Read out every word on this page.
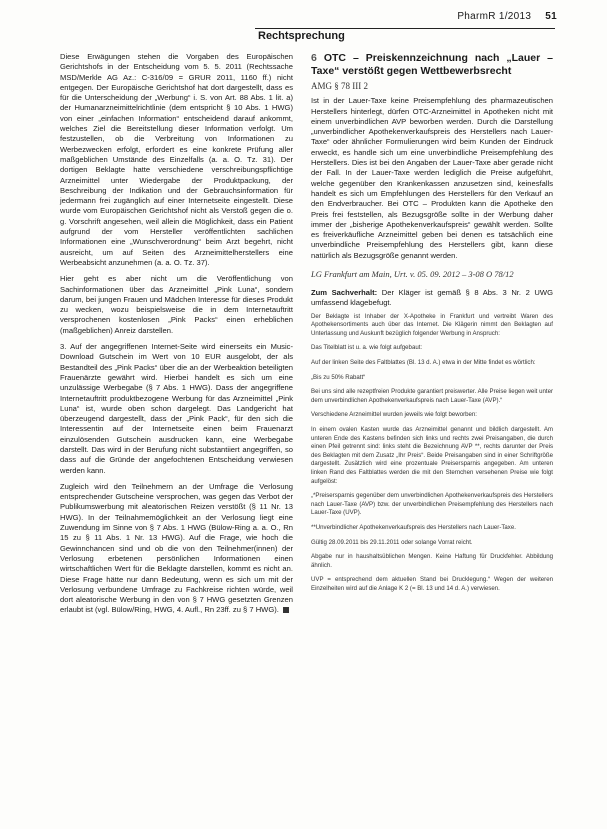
PharmR 1/2013 51
Rechtsprechung

Diese Erwägungen stehen die Vorgaben des Europäischen Gerichtshofs in der Entscheidung vom 5. 5. 2011 (Rechtssache MSD/Merkle AG Az.: C-316/09 = GRUR 2011, 1160 ff.) nicht entgegen. Der Europäische Gerichtshof hat dort dargestellt, dass es für die Unterscheidung der „Werbung“ i. S. von Art. 88 Abs. 1 lit. a) der Humanarzneimittelrichtlinie (dem entspricht § 10 Abs. 1 HWG) von einer „einfachen Information“ entscheidend darauf ankommt, welches Ziel die Bereitstellung dieser Information verfolgt. Um festzustellen, ob die Verbreitung von Informationen zu Werbezwecken erfolgt, erfordert es eine konkrete Prüfung aller maßgeblichen Umstände des Einzelfalls (a. a. O. Tz. 31). Der dortigen Beklagte hatte verschiedene verschreibungspflichtige Arzneimittel unter Wiedergabe der Produktpackung, der Beschreibung der Indikation und der Gebrauchsinformation für jedermann frei zugänglich auf einer Internetseite eingestellt. Diese wurde vom Europäischen Gerichtshof nicht als Verstoß gegen die o. g. Vorschrift angesehen, weil allein die Möglichkeit, dass ein Patient aufgrund der vom Hersteller veröffentlichten sachlichen Informationen eine „Wunschverordnung“ beim Arzt begehrt, nicht ausreicht, um auf Seiten des Arzneimittelherstellers eine Werbeabsicht anzunehmen (a. a. O. Tz. 37).

Hier geht es aber nicht um die Veröffentlichung von Sachinformationen über das Arzneimittel „Pink Luna“, sondern darum, bei jungen Frauen und Mädchen Interesse für dieses Produkt zu wecken, wozu beispielsweise die in dem Internetauftritt versprochenen kostenlosen „Pink Packs“ einen erheblichen (maßgeblichen) Anreiz darstellen.

3. Auf der angegriffenen Internet-Seite wird einerseits ein Music-Download Gutschein im Wert von 10 EUR ausgelobt, der als Bestandteil des „Pink Packs“ über die an der Werbeaktion beteiligten Frauenärzte gewährt wird. Hierbei handelt es sich um eine unzulässige Werbegabe (§ 7 Abs. 1 HWG). Dass der angegriffene Internetauftritt produktbezogene Werbung für das Arzneimittel „Pink Luna“ ist, wurde oben schon dargelegt. Das Landgericht hat überzeugend dargestellt, dass der „Pink Pack“, für den sich die Interessentin auf der Internetseite einen beim Frauenarzt einzulösenden Gutschein ausdrucken kann, eine Werbegabe darstellt. Das wird in der Berufung nicht substantiiert angegriffen, so dass auf die Gründe der angefochtenen Entscheidung verwiesen werden kann.

Zugleich wird den Teilnehmern an der Umfrage die Verlosung entsprechender Gutscheine versprochen, was gegen das Verbot der Publikumswerbung mit aleatorischen Reizen verstößt (§ 11 Nr. 13 HWG). In der Teilnahmemöglichkeit an der Verlosung liegt eine Zuwendung im Sinne von § 7 Abs. 1 HWG (Bülow-Ring a. a. O., Rn 15 zu § 11 Abs. 1 Nr. 13 HWG). Auf die Frage, wie hoch die Gewinnchancen sind und ob die von den Teilnehmer(innen) der Verlosung erbetenen persönlichen Informationen einen wirtschaftlichen Wert für die Beklagte darstellen, kommt es nicht an. Diese Frage hätte nur dann Bedeutung, wenn es sich um mit der Verlosung verbundene Umfrage zu Fachkreise richten würde, weil dort aleatorische Werbung in den von § 7 HWG gesetzten Grenzen erlaubt ist (vgl. Bülow/Ring, HWG, 4. Aufl., Rn 23ff. zu § 7 HWG).

6 OTC – Preiskennzeichnung nach „Lauer – Taxe“ verstößt gegen Wettbewerbsrecht
AMG § 78 III 2

Ist in der Lauer-Taxe keine Preisempfehlung des pharmazeutischen Herstellers hinterlegt, dürfen OTC-Arzneimittel in Apotheken nicht mit einem unverbindlichen AVP beworben werden. Durch die Darstellung „unverbindlicher Apothekenverkaufspreis des Herstellers nach Lauer-Taxe“ oder ähnlicher Formulierungen wird beim Kunden der Eindruck erweckt, es handle sich um eine unverbindliche Preisempfehlung des Herstellers. Dies ist bei den Angaben der Lauer-Taxe aber gerade nicht der Fall. In der Lauer-Taxe werden lediglich die Preise aufgeführt, welche gegenüber den Krankenkassen anzusetzen sind, keinesfalls handelt es sich um Empfehlungen des Herstellers für den Verkauf an den Endverbraucher. Bei OTC – Produkten kann die Apotheke den Preis frei feststellen, als Bezugsgröße sollte in der Werbung daher immer der „bisherige Apothekenverkaufspreis“ gewählt werden. Sollte es freiverkäufliche Arzneimittel geben bei denen es tatsächlich eine unverbindliche Preisempfehlung des Herstellers gibt, kann diese natürlich als Bezugsgröße genannt werden.

LG Frankfurt am Main, Urt. v. 05. 09. 2012 – 3-08 O 78/12
Zum Sachverhalt: Der Kläger ist gemäß § 8 Abs. 3 Nr. 2 UWG umfassend klagebefugt.

Der Beklagte ist Inhaber der X-Apotheke in Frankfurt und vertreibt Waren des Apothekensortiments auch über das Internet. Die Klägerin nimmt den Beklagten auf Unterlassung und Auskunft bezüglich folgender Werbung in Anspruch:

Das Titelblatt ist u. a. wie folgt aufgebaut:

Auf der linken Seite des Faltblattes (Bl. 13 d. A.) etwa in der Mitte findet es wörtlich:

„Bis zu 50% Rabatt“

Bei uns sind alle rezeptfreien Produkte garantiert preiswerter. Alle Preise liegen weit unter dem unverbindlichen Apothekenverkaufspreis nach Lauer-Taxe (AVP).“

Verschiedene Arzneimittel wurden jeweils wie folgt beworben:

In einem ovalen Kasten wurde das Arzneimittel genannt und bildlich dargestellt. Am unteren Ende des Kastens befinden sich links und rechts zwei Preisangaben, die durch einen Pfeil getrennt sind: links steht die Bezeichnung AVP **, rechts darunter der Preis des Beklagten mit dem Zusatz „Ihr Preis“. Beide Preisangaben sind in einer Schriftgröße dargestellt. Zusätzlich wird eine prozentuale Preisersparnis angegeben. Am unteren linken Rand des Faltblattes werden die mit den Sternchen versehenen Preise wie folgt aufgelöst:

„*Preisersparnis gegenüber dem unverbindlichen Apothekenverkaufspreis des Herstellers nach Lauer-Taxe (AVP) bzw. der unverbindlichen Preisempfehlung des Herstellers nach Lauer-Taxe (UVP).

**Unverbindlicher Apothekenverkaufspreis des Herstellers nach Lauer-Taxe.

Gültig 28.09.2011 bis 29.11.2011 oder solange Vorrat reicht.

Abgabe nur in haushaltsüblichen Mengen. Keine Haftung für Druckfehler. Abbildung ähnlich.

UVP = entsprechend dem aktuellen Stand bei Drucklegung.“ Wegen der weiteren Einzelheiten wird auf die Anlage K 2 (= Bl. 13 und 14 d. A.) verwiesen.
